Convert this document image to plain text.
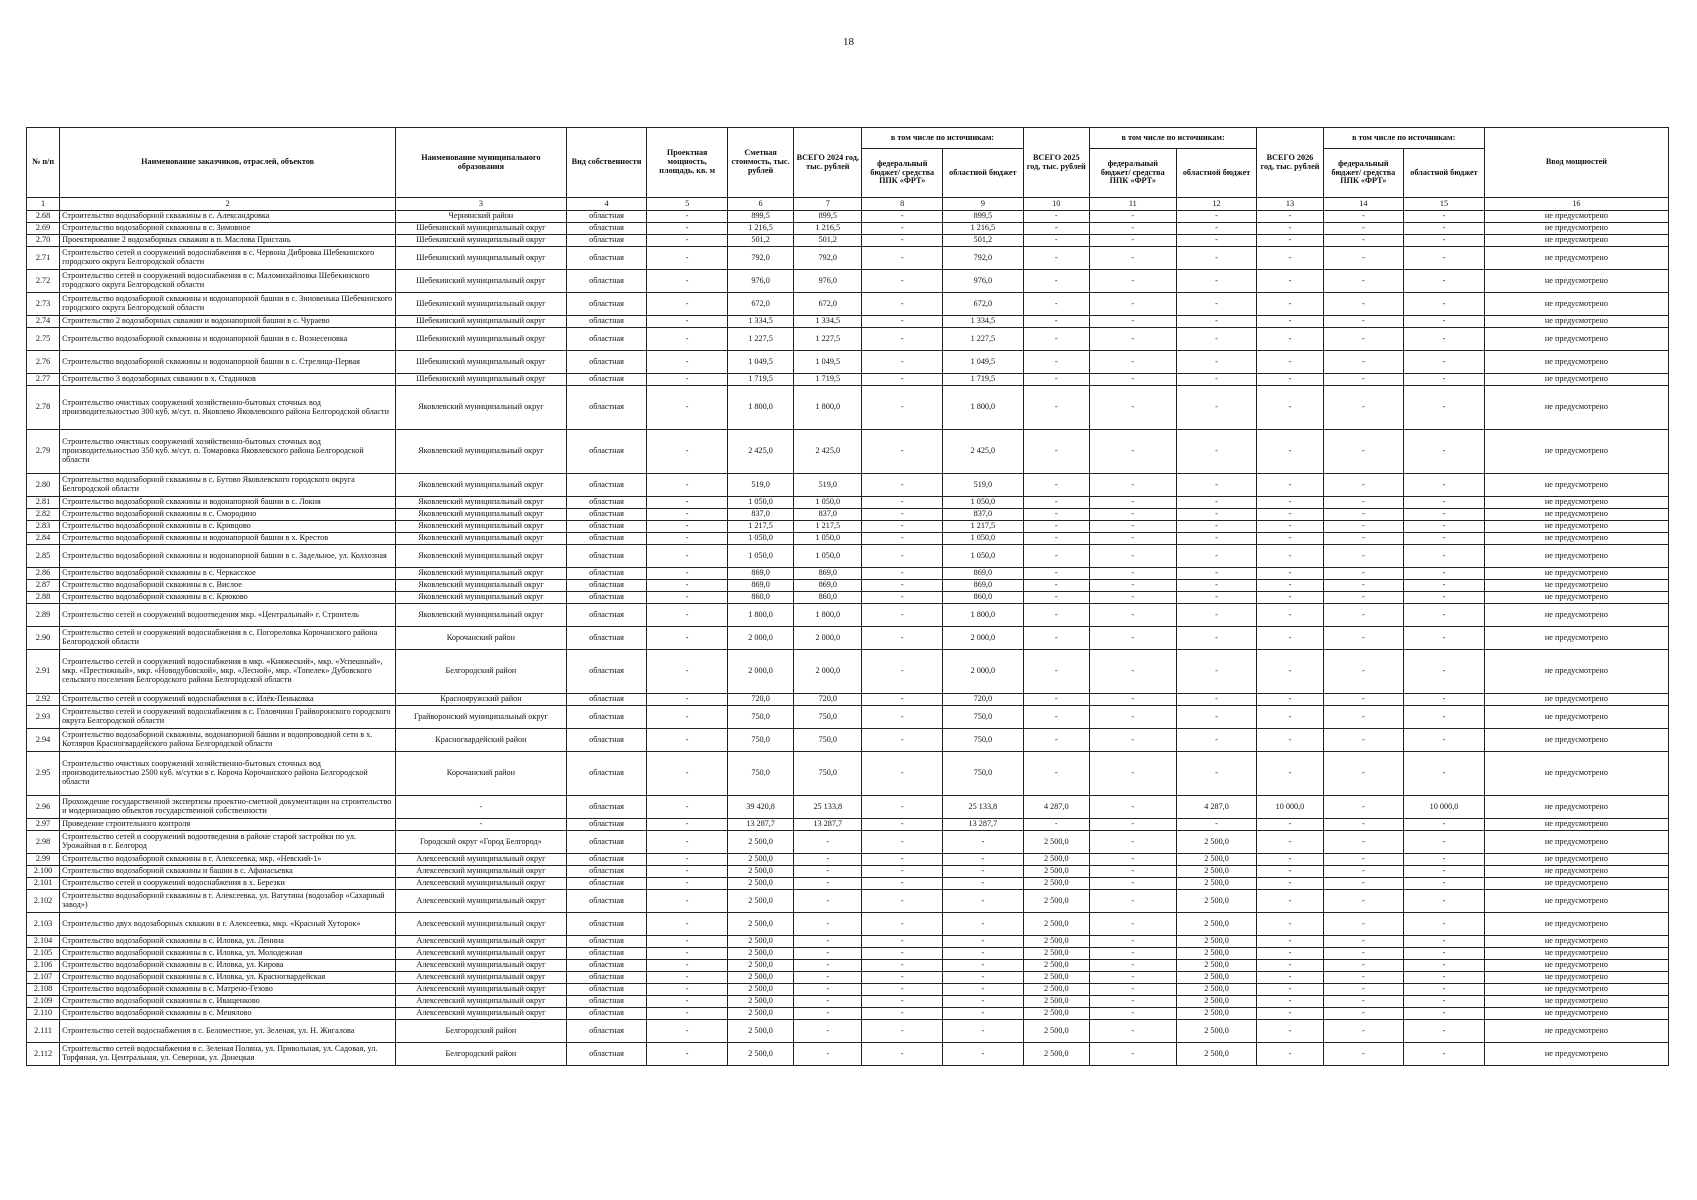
18
№ п/п	Наименование заказчиков, отраслей, объектов	Наименование муниципального образования	Вид собственности	Проектная мощность, площадь, кв. м	Сметная стоимость, тыс. рублей	ВСЕГО 2024 год, тыс. рублей	в том числе по источникам:		ВСЕГО 2025 год, тыс. рублей	в том числе по источникам:		ВСЕГО 2026 год, тыс. рублей	в том числе по источникам:		Ввод мощностей
							федеральный бюджет/ средства ППК «ФРТ»	областной бюджет		федеральный бюджет/ средства ППК «ФРТ»	областной бюджет		федеральный бюджет/ средства ППК «ФРТ»	областной бюджет	
1	2	3	4	5	6	7	8	9	10	11	12	13	14	15	16
2.68	Строительство водозаборной скважины в с. Александровка	Чернянский район	областная	-	899,5	899,5	-	899,5	-	-	-	-	-	-	не предусмотрено
2.69	Строительство водозаборной скважины в с. Зимовное	Шебекинский муниципальный округ	областная	-	1 216,5	1 216,5	-	1 216,5	-	-	-	-	-	-	не предусмотрено
2.70	Проектирование 2 водозаборных скважин в п. Маслова Пристань	Шебекинский муниципальный округ	областная	-	501,2	501,2	-	501,2	-	-	-	-	-	-	не предусмотрено
2.71	Строительство сетей и сооружений водоснабжения в с. Червона Дибровка Шебекинского городского округа Белгородской области	Шебекинский муниципальный округ	областная	-	792,0	792,0	-	792,0	-	-	-	-	-	-	не предусмотрено
2.72	Строительство сетей и сооружений водоснабжения в с. Маломихайловка Шебекинского городского округа Белгородской области	Шебекинский муниципальный округ	областная	-	976,0	976,0	-	976,0	-	-	-	-	-	-	не предусмотрено
2.73	Строительство водозаборной скважины и водонапорной башни в с. Зиновенька Шебекинского городского округа Белгородской области	Шебекинский муниципальный округ	областная	-	672,0	672,0	-	672,0	-	-	-	-	-	-	не предусмотрено
2.74	Строительство 2 водозаборных скважин и водонапорной башни в с. Чураево	Шебекинский муниципальный округ	областная	-	1 334,5	1 334,5	-	1 334,5	-	-	-	-	-	-	не предусмотрено
2.75	Строительство водозаборной скважины и водонапорной башни в с. Вознесеновка	Шебекинский муниципальный округ	областная	-	1 227,5	1 227,5	-	1 227,5	-	-	-	-	-	-	не предусмотрено
2.76	Строительство водозаборной скважины и водонапорной башни в с. Стрелица-Первая	Шебекинский муниципальный округ	областная	-	1 049,5	1 049,5	-	1 049,5	-	-	-	-	-	-	не предусмотрено
2.77	Строительство 3 водозаборных скважин в х. Стадников	Шебекинский муниципальный округ	областная	-	1 719,5	1 719,5	-	1 719,5	-	-	-	-	-	-	не предусмотрено
2.78	Строительство очистных сооружений хозяйственно-бытовых сточных вод производительностью 300 куб. м/сут. п. Яковлево Яковлевского района Белгородской области	Яковлевский муниципальный округ	областная	-	1 800,0	1 800,0	-	1 800,0	-	-	-	-	-	-	не предусмотрено
2.79	Строительство очистных сооружений хозяйственно-бытовых сточных вод производительностью 350 куб. м/сут. п. Томаровка Яковлевского района Белгородской области	Яковлевский муниципальный округ	областная	-	2 425,0	2 425,0	-	2 425,0	-	-	-	-	-	-	не предусмотрено
2.80	Строительство водозаборной скважины в с. Бутово Яковлевского городского округа Белгородской области	Яковлевский муниципальный округ	областная	-	519,0	519,0	-	519,0	-	-	-	-	-	-	не предусмотрено
2.81	Строительство водозаборной скважины и водонапорной башни в с. Локня	Яковлевский муниципальный округ	областная	-	1 050,0	1 050,0	-	1 050,0	-	-	-	-	-	-	не предусмотрено
2.82	Строительство водозаборной скважины в с. Смородино	Яковлевский муниципальный округ	областная	-	837,0	837,0	-	837,0	-	-	-	-	-	-	не предусмотрено
2.83	Строительство водозаборной скважины в с. Кривцово	Яковлевский муниципальный округ	областная	-	1 217,5	1 217,5	-	1 217,5	-	-	-	-	-	-	не предусмотрено
2.84	Строительство водозаборной скважины и водонапорной башни в х. Крестов	Яковлевский муниципальный округ	областная	-	1 050,0	1 050,0	-	1 050,0	-	-	-	-	-	-	не предусмотрено
2.85	Строительство водозаборной скважины и водонапорной башни в с. Задельное, ул. Колхозная	Яковлевский муниципальный округ	областная	-	1 050,0	1 050,0	-	1 050,0	-	-	-	-	-	-	не предусмотрено
2.86	Строительство водозаборной скважины в с. Черкасское	Яковлевский муниципальный округ	областная	-	869,0	869,0	-	869,0	-	-	-	-	-	-	не предусмотрено
2.87	Строительство водозаборной скважины в с. Вислое	Яковлевский муниципальный округ	областная	-	869,0	869,0	-	869,0	-	-	-	-	-	-	не предусмотрено
2.88	Строительство водозаборной скважины в с. Крюково	Яковлевский муниципальный округ	областная	-	860,0	860,0	-	860,0	-	-	-	-	-	-	не предусмотрено
2.89	Строительство сетей и сооружений водоотведения мкр. «Центральный» г. Строитель	Яковлевский муниципальный округ	областная	-	1 800,0	1 800,0	-	1 800,0	-	-	-	-	-	-	не предусмотрено
2.90	Строительство сетей и сооружений водоснабжения в с. Погореловка Корочанского района Белгородской области	Корочанский район	областная	-	2 000,0	2 000,0	-	2 000,0	-	-	-	-	-	-	не предусмотрено
2.91	Строительство сетей и сооружений водоснабжения в мкр. «Княжеский», мкр. «Успешный», мкр. «Престижный», мкр. «Новодубовской», мкр. «Лесной», мкр. «Топелек» Дубовского сельского поселения Белгородского района Белгородской области	Белгородский район	областная	-	2 000,0	2 000,0	-	2 000,0	-	-	-	-	-	-	не предусмотрено
2.92	Строительство сетей и сооружений водоснабжения в с. Илёк-Пеньковка	Краснояружский район	областная	-	720,0	720,0	-	720,0	-	-	-	-	-	-	не предусмотрено
2.93	Строительство сетей и сооружений водоснабжения в с. Головчино Грайворонского городского округа Белгородской области	Грайворонский муниципальный округ	областная	-	750,0	750,0	-	750,0	-	-	-	-	-	-	не предусмотрено
2.94	Строительство водозаборной скважины, водонапорной башни и водопроводной сети в х. Котляров Красногвардейского района Белгородской области	Красногвардейский район	областная	-	750,0	750,0	-	750,0	-	-	-	-	-	-	не предусмотрено
2.95	Строительство очистных сооружений хозяйственно-бытовых сточных вод производительностью 2500 куб. м/сутки в г. Короча Корочанского района Белгородской области	Корочанский район	областная	-	750,0	750,0	-	750,0	-	-	-	-	-	-	не предусмотрено
2.96	Прохождение государственной экспертизы проектно-сметной документации на строительство и модернизацию объектов государственной собственности	-	областная	-	39 420,8	25 133,8	-	25 133,8	4 287,0	-	4 287,0	10 000,0	-	10 000,0	не предусмотрено
2.97	Проведение строительного контроля	-	областная	-	13 287,7	13 287,7	-	13 287,7	-	-	-	-	-	-	не предусмотрено
2.98	Строительство сетей и сооружений водоотведения в районе старой застройки по ул. Урожайная в г. Белгород	Городской округ «Город Белгород»	областная	-	2 500,0	-	-	-	2 500,0	-	2 500,0	-	-	-	не предусмотрено
2.99	Строительство водозаборной скважины в г. Алексеевка, мкр. «Невский-1»	Алексеевский муниципальный округ	областная	-	2 500,0	-	-	-	2 500,0	-	2 500,0	-	-	-	не предусмотрено
2.100	Строительство водозаборной скважины и башни в с. Афанасьевка	Алексеевский муниципальный округ	областная	-	2 500,0	-	-	-	2 500,0	-	2 500,0	-	-	-	не предусмотрено
2.101	Строительство сетей и сооружений водоснабжения в х. Березки	Алексеевский муниципальный округ	областная	-	2 500,0	-	-	-	2 500,0	-	2 500,0	-	-	-	не предусмотрено
2.102	Строительство водозаборной скважины в г. Алексеевка, ул. Ватутина (водозабор «Сахарный завод»)	Алексеевский муниципальный округ	областная	-	2 500,0	-	-	-	2 500,0	-	2 500,0	-	-	-	не предусмотрено
2.103	Строительство двух водозаборных скважин в г. Алексеевка, мкр. «Красный Хуторок»	Алексеевский муниципальный округ	областная	-	2 500,0	-	-	-	2 500,0	-	2 500,0	-	-	-	не предусмотрено
2.104	Строительство водозаборной скважины в с. Иловка, ул. Ленина	Алексеевский муниципальный округ	областная	-	2 500,0	-	-	-	2 500,0	-	2 500,0	-	-	-	не предусмотрено
2.105	Строительство водозаборной скважины в с. Иловка, ул. Молодежная	Алексеевский муниципальный округ	областная	-	2 500,0	-	-	-	2 500,0	-	2 500,0	-	-	-	не предусмотрено
2.106	Строительство водозаборной скважины в с. Иловка, ул. Кирова	Алексеевский муниципальный округ	областная	-	2 500,0	-	-	-	2 500,0	-	2 500,0	-	-	-	не предусмотрено
2.107	Строительство водозаборной скважины в с. Иловка, ул. Красногвардейская	Алексеевский муниципальный округ	областная	-	2 500,0	-	-	-	2 500,0	-	2 500,0	-	-	-	не предусмотрено
2.108	Строительство водозаборной скважины в с. Матрено-Гезово	Алексеевский муниципальный округ	областная	-	2 500,0	-	-	-	2 500,0	-	2 500,0	-	-	-	не предусмотрено
2.109	Строительство водозаборной скважины в с. Иващенково	Алексеевский муниципальный округ	областная	-	2 500,0	-	-	-	2 500,0	-	2 500,0	-	-	-	не предусмотрено
2.110	Строительство водозаборной скважины в с. Менялово	Алексеевский муниципальный округ	областная	-	2 500,0	-	-	-	2 500,0	-	2 500,0	-	-	-	не предусмотрено
2.111	Строительство сетей водоснабжения в с. Беломестное, ул. Зеленая, ул. Н. Жигалова	Белгородский район	областная	-	2 500,0	-	-	-	2 500,0	-	2 500,0	-	-	-	не предусмотрено
2.112	Строительство сетей водоснабжения в с. Зеленая Поляна, ул. Привольная, ул. Садовая, ул. Торфяная, ул. Центральная, ул. Северная, ул. Донецкая	Белгородский район	областная	-	2 500,0	-	-	-	2 500,0	-	2 500,0	-	-	-	не предусмотрено
